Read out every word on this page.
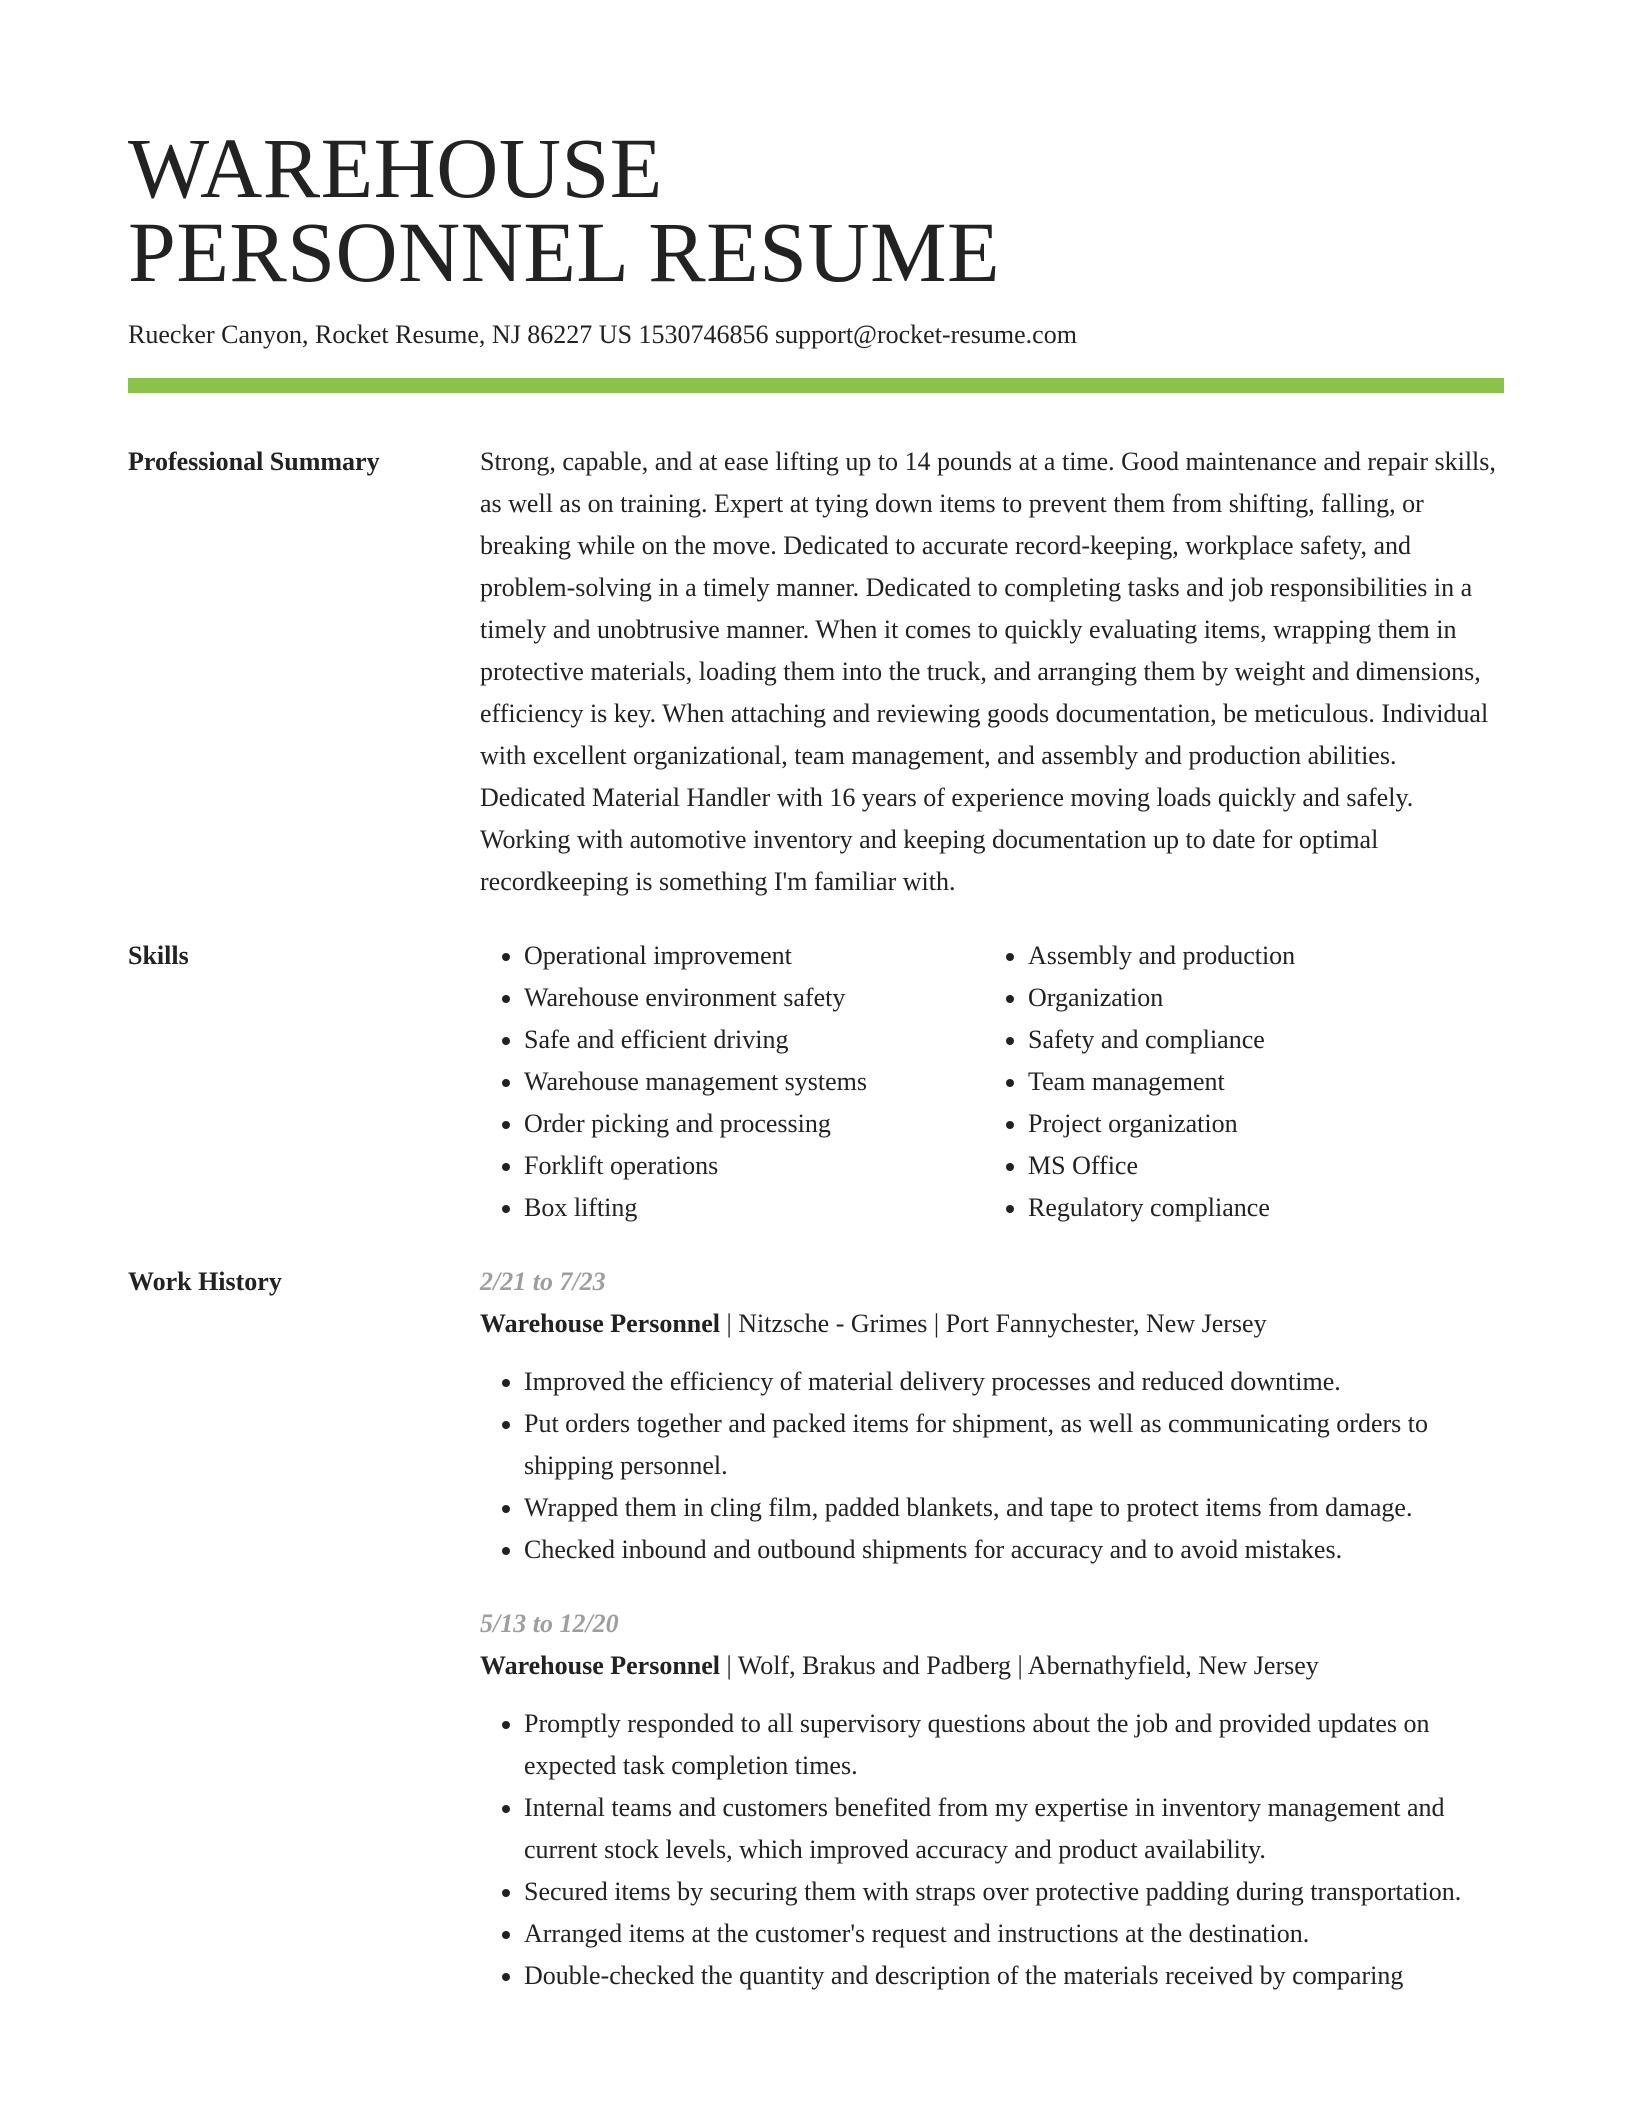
WAREHOUSE
PERSONNEL RESUME
Ruecker Canyon, Rocket Resume, NJ 86227 US 1530746856 support@rocket-resume.com
Professional Summary	Strong, capable, and at ease lifting up to 14 pounds at a time. Good maintenance and repair skills, as well as on training. Expert at tying down items to prevent them from shifting, falling, or breaking while on the move. Dedicated to accurate record-keeping, workplace safety, and problem-solving in a timely manner. Dedicated to completing tasks and job responsibilities in a timely and unobtrusive manner. When it comes to quickly evaluating items, wrapping them in protective materials, loading them into the truck, and arranging them by weight and dimensions, efficiency is key. When attaching and reviewing goods documentation, be meticulous. Individual with excellent organizational, team management, and assembly and production abilities. Dedicated Material Handler with 16 years of experience moving loads quickly and safely. Working with automotive inventory and keeping documentation up to date for optimal recordkeeping is something I'm familiar with.
Skills
•	Operational improvement
• Warehouse environment safety
• Safe and efficient driving
• Warehouse management systems
• Order picking and processing
• Forklift operations
• Box lifting
• Assembly and production
• Organization
• Safety and compliance
• Team management
• Project organization
• MS Office
• Regulatory compliance
Work History	2/21 to 7/23
Warehouse Personnel | Nitzsche - Grimes | Port Fannychester, New Jersey
• Improved the efficiency of material delivery processes and reduced downtime.
• Put orders together and packed items for shipment, as well as communicating orders to shipping personnel.
• Wrapped them in cling film, padded blankets, and tape to protect items from damage.
• Checked inbound and outbound shipments for accuracy and to avoid mistakes.
5/13 to 12/20
Warehouse Personnel | Wolf, Brakus and Padberg | Abernathyfield, New Jersey
• Promptly responded to all supervisory questions about the job and provided updates on expected task completion times.
• Internal teams and customers benefited from my expertise in inventory management and current stock levels, which improved accuracy and product availability.
• Secured items by securing them with straps over protective padding during transportation.
• Arranged items at the customer's request and instructions at the destination.
• Double-checked the quantity and description of the materials received by comparing
